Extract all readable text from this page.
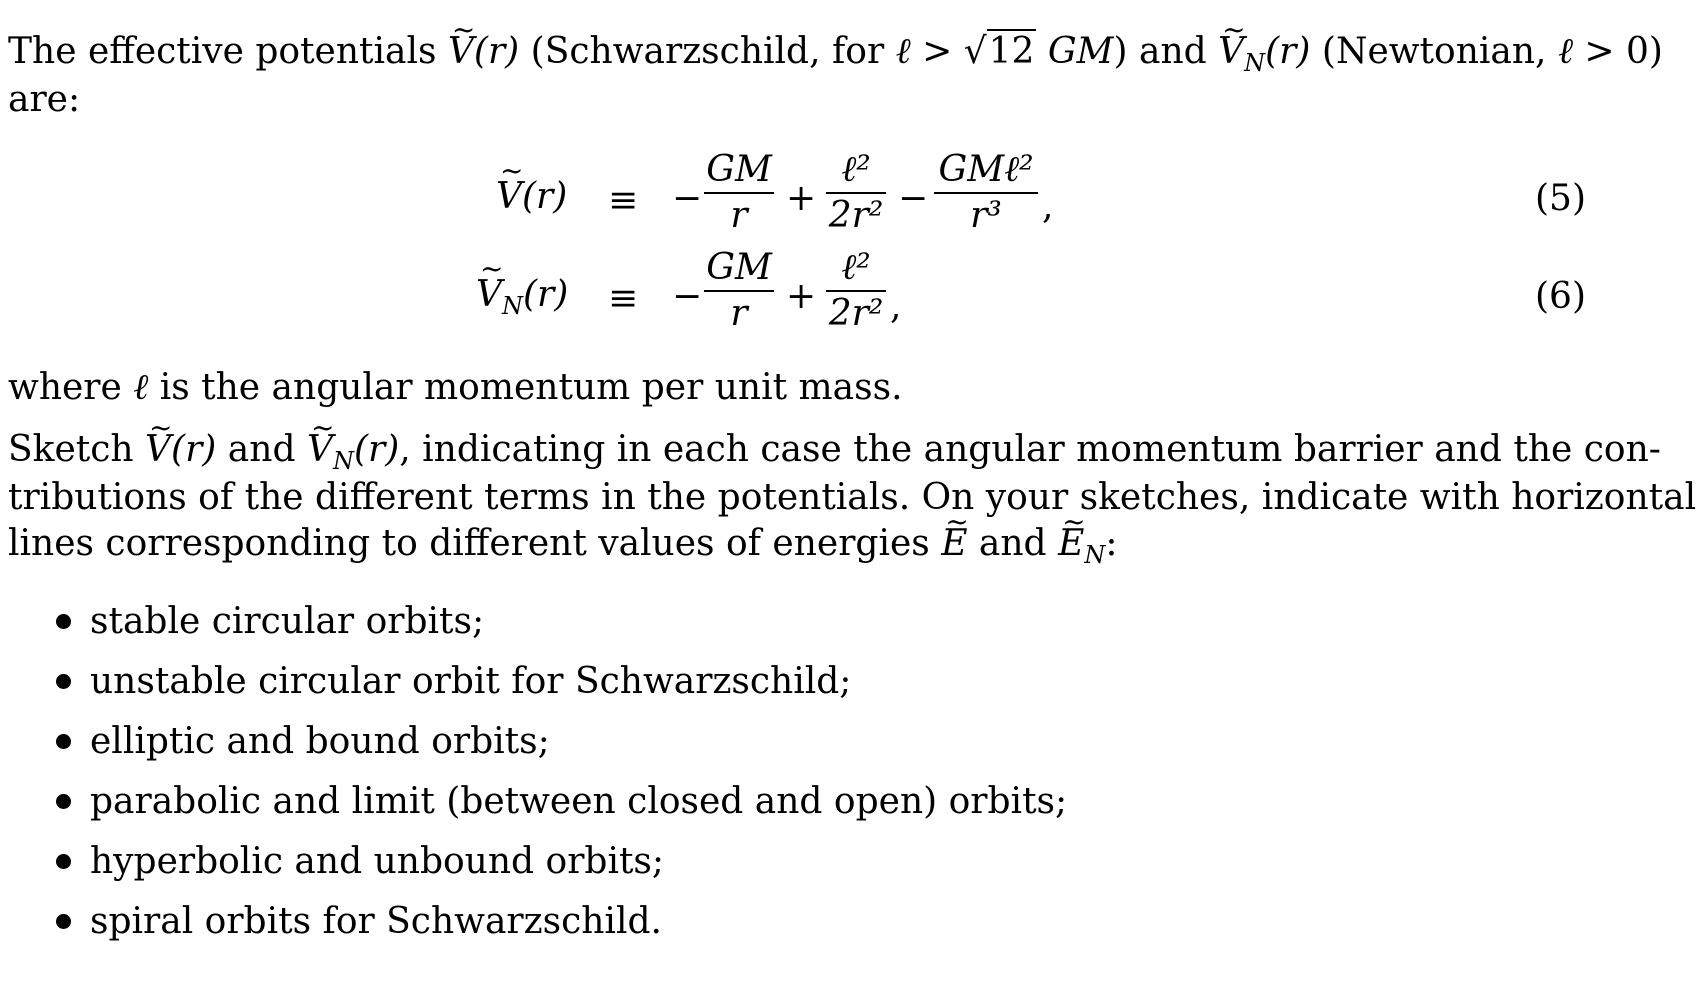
The effective potentials ~ V(r) (Schwarzschild, for ℓ > √12 GM) and ~ $V_N(r)$ (Newtonian, ℓ > 0)
are:
~ V(r) ≡ −
GM
r	+
ℓ²
2r² −
GMℓ²
r³	,	(5)
~ $V_N(r)$ ≡ −
GM
r	+
ℓ²
2r² ,	(6)
where ℓ is the angular momentum per unit mass.
Sketch ~ V(r) and ~ $V_N(r)$, indicating in each case the angular momentum barrier and the con-
tributions of the different terms in the potentials. On your sketches, indicate with horizontal
lines corresponding to different values of energies ~ E and ~ $E_N$:
stable circular orbits;
unstable circular orbit for Schwarzschild;
elliptic and bound orbits;
parabolic and limit (between closed and open) orbits;
hyperbolic and unbound orbits;
spiral orbits for Schwarzschild.
